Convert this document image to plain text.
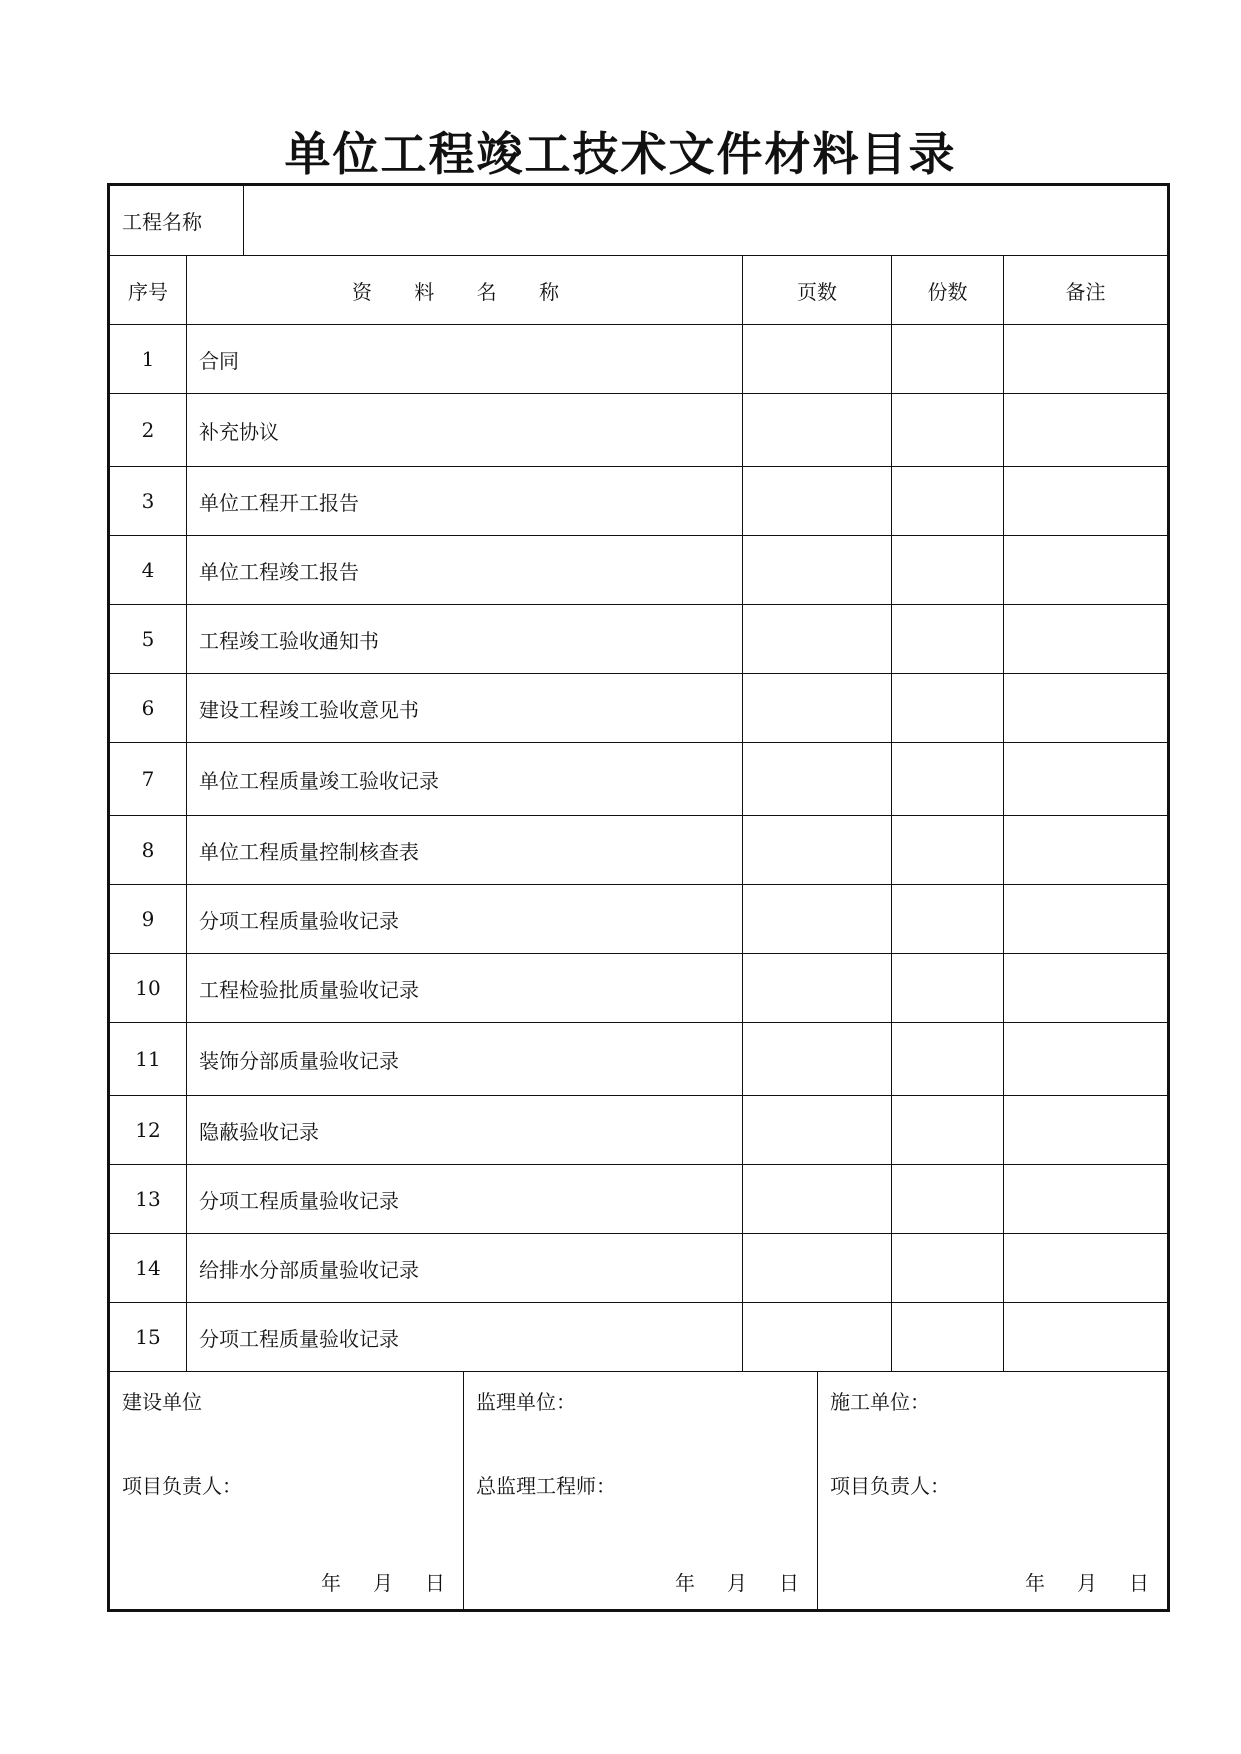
单位工程竣工技术文件材料目录
工程名称
序号	资 料 名 称	页数	份数	备注
1	合同
2	补充协议
3	单位工程开工报告
4	单位工程竣工报告
5	工程竣工验收通知书
6	建设工程竣工验收意见书
7	单位工程质量竣工验收记录
8	单位工程质量控制核查表
9	分项工程质量验收记录
10	工程检验批质量验收记录
11	装饰分部质量验收记录
12	隐蔽验收记录
13	分项工程质量验收记录
14	给排水分部质量验收记录
15	分项工程质量验收记录
建设单位
项目负责人：
年 月 日
监理单位：
总监理工程师：
年 月 日
施工单位：
项目负责人：
年 月 日
